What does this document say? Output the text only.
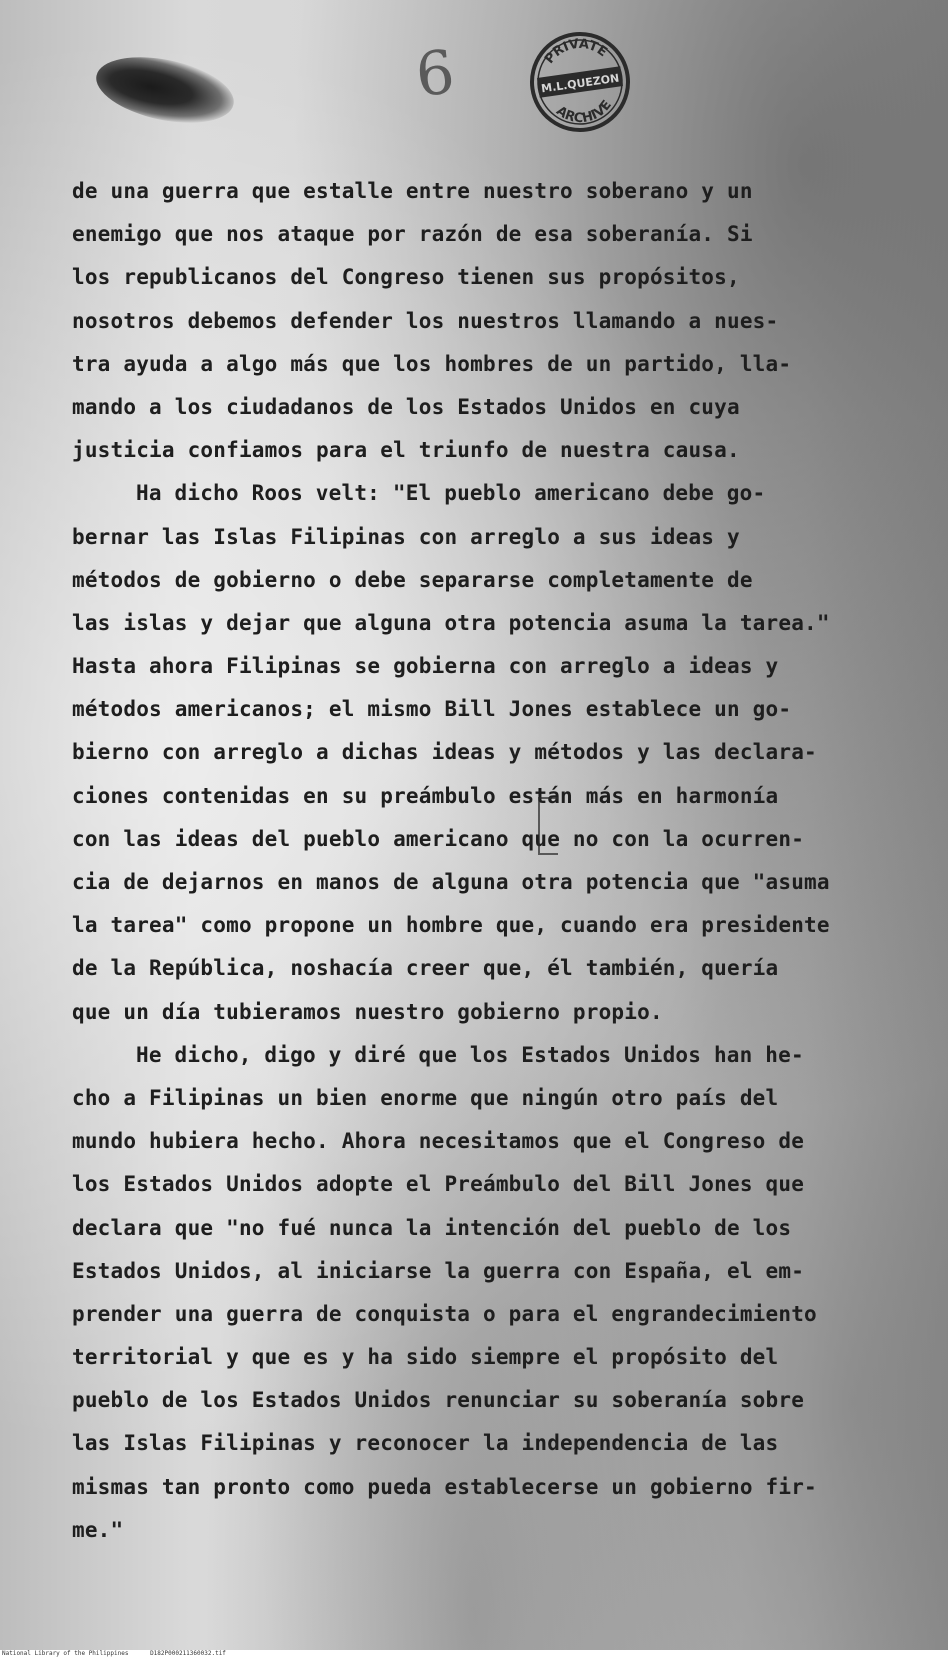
6	PRIVATE
M.L.QUEZON
ARCHIVE
de una guerra que estalle entre nuestro soberano y un
enemigo que nos ataque por razón de esa soberanía. Si
los republicanos del Congreso tienen sus propósitos,
nosotros debemos defender los nuestros llamando a nues-
tra ayuda a algo más que los hombres de un partido, lla-
mando a los ciudadanos de los Estados Unidos en cuya
justicia confiamos para el triunfo de nuestra causa.
Ha dicho Roos velt: "El pueblo americano debe go-
bernar las Islas Filipinas con arreglo a sus ideas y
métodos de gobierno o debe separarse completamente de
las islas y dejar que alguna otra potencia asuma la tarea."
Hasta ahora Filipinas se gobierna con arreglo a ideas y
métodos americanos; el mismo Bill Jones establece un go-
bierno con arreglo a dichas ideas y métodos y las declara-
ciones contenidas en su preámbulo están más en harmonía
con las ideas del pueblo americano que no con la ocurren-
cia de dejarnos en manos de alguna otra potencia que "asuma
la tarea" como propone un hombre que, cuando era presidente
de la República, noshacía creer que, él también, quería
que un día tubieramos nuestro gobierno propio.
He dicho, digo y diré que los Estados Unidos han he-
cho a Filipinas un bien enorme que ningún otro país del
mundo hubiera hecho. Ahora necesitamos que el Congreso de
los Estados Unidos adopte el Preámbulo del Bill Jones que
declara que "no fué nunca la intención del pueblo de los
Estados Unidos, al iniciarse la guerra con España, el em-
prender una guerra de conquista o para el engrandecimiento
territorial y que es y ha sido siempre el propósito del
pueblo de los Estados Unidos renunciar su soberanía sobre
las Islas Filipinas y reconocer la independencia de las
mismas tan pronto como pueda establecerse un gobierno fir-
me."
National Library of the Philippines	D182P000211360032.tif
